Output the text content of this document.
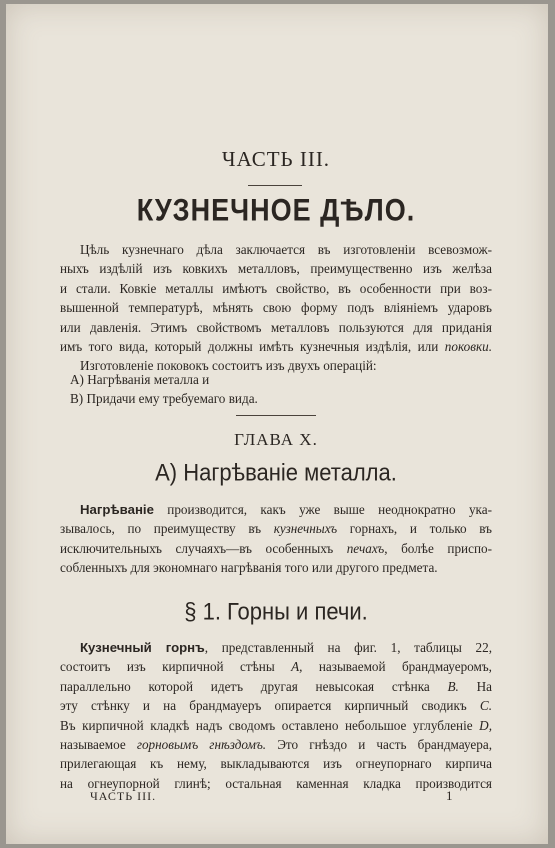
ЧАСТЬ III.
КУЗНЕЧНОЕ ДѢЛО.
Цѣль кузнечнаго дѣла заключается въ изготовленіи всевозмож-
ныхъ издѣлій изъ ковкихъ металловъ, преимущественно изъ желѣза
и стали. Ковкіе металлы имѣютъ свойство, въ особенности при воз-
вышенной температурѣ, мѣнять свою форму подъ вліяніемъ ударовъ
или давленія. Этимъ свойствомъ металловъ пользуются для приданія
имъ того вида, который должны имѣть кузнечныя издѣлія, или поковки.
Изготовленіе поковокъ состоитъ изъ двухъ операцій:
А) Нагрѣванія металла и
В) Придачи ему требуемаго вида.
ГЛАВА X.
А) Нагрѣваніе металла.
Нагрѣваніе производится, какъ уже выше неоднократно ука-
зывалось, по преимуществу въ кузнечныхъ горнахъ, и только въ
исключительныхъ случаяхъ—въ особенныхъ печахъ, болѣе приспо-
собленныхъ для экономнаго нагрѣванія того или другого предмета.
§ 1. Горны и печи.
Кузнечный горнъ, представленный на фиг. 1, таблицы 22,
состоитъ изъ кирпичной стѣны А, называемой брандмауеромъ,
параллельно которой идетъ другая невысокая стѣнка В. На
эту стѣнку и на брандмауеръ опирается кирпичный сводикъ С.
Въ кирпичной кладкѣ надъ сводомъ оставлено небольшое углубленіе D,
называемое горновымъ гнѣздомъ. Это гнѣздо и часть брандмауера,
прилегающая къ нему, выкладываются изъ огнеупорнаго кирпича
на огнеупорной глинѣ; остальная каменная кладка производится
ЧАСТЬ III.	1
